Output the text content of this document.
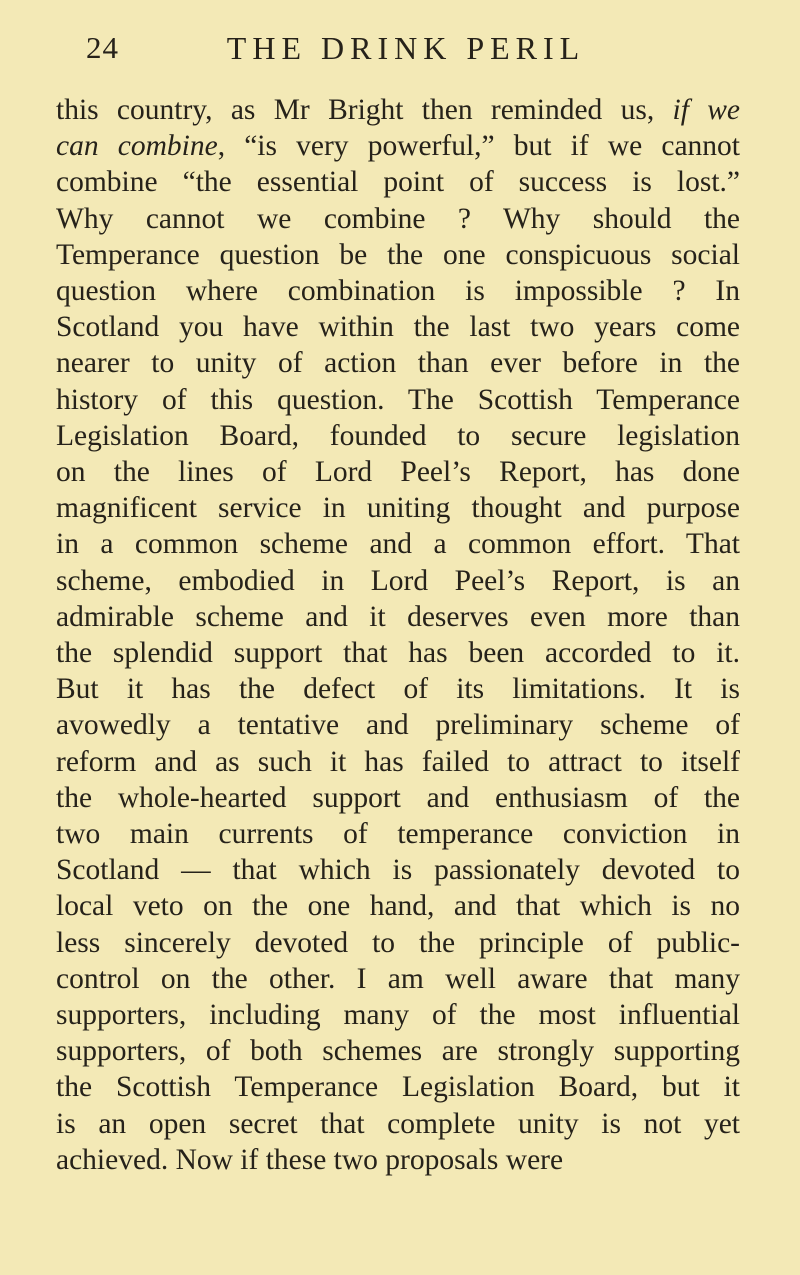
24	THE DRINK PERIL
this country, as Mr Bright then reminded us, if we
can combine, “is very powerful,” but if we cannot
combine “the essential point of success is lost.”
Why cannot we combine ? Why should the
Temperance question be the one conspicuous social
question where combination is impossible ? In
Scotland you have within the last two years come
nearer to unity of action than ever before in the
history of this question. The Scottish Temperance
Legislation Board, founded to secure legislation
on the lines of Lord Peel’s Report, has done
magnificent service in uniting thought and purpose
in a common scheme and a common effort. That
scheme, embodied in Lord Peel’s Report, is an
admirable scheme and it deserves even more than
the splendid support that has been accorded to it.
But it has the defect of its limitations. It is
avowedly a tentative and preliminary scheme of
reform and as such it has failed to attract to itself
the whole-hearted support and enthusiasm of the
two main currents of temperance conviction in
Scotland — that which is passionately devoted to
local veto on the one hand, and that which is no
less sincerely devoted to the principle of public-
control on the other. I am well aware that many
supporters, including many of the most influential
supporters, of both schemes are strongly supporting
the Scottish Temperance Legislation Board, but it
is an open secret that complete unity is not yet
achieved. Now if these two proposals were
